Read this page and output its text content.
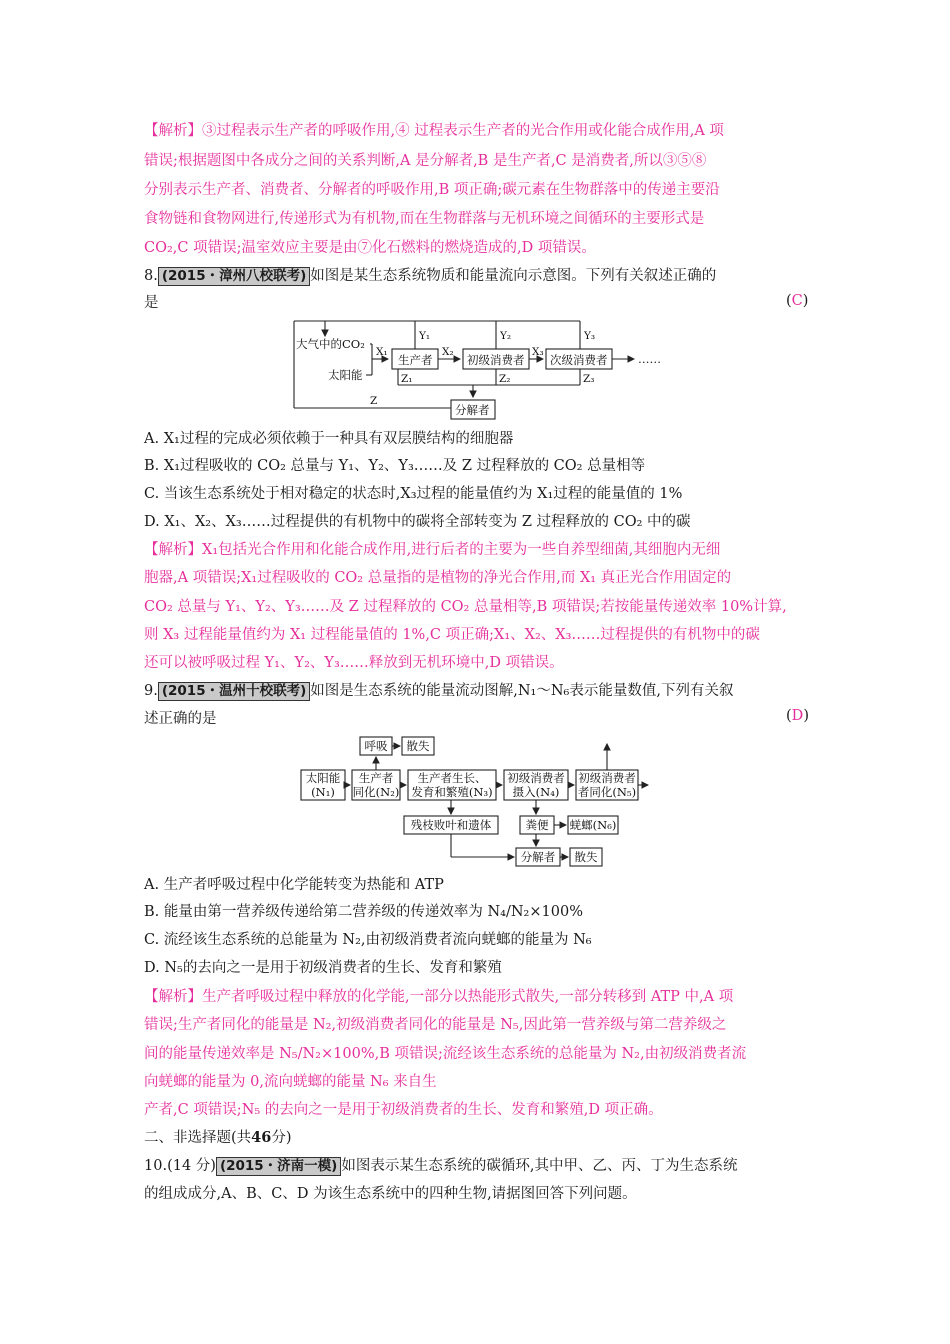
【解析】③过程表示生产者的呼吸作用,④ 过程表示生产者的光合作用或化能合成作用,A 项
错误;根据题图中各成分之间的关系判断,A 是分解者,B 是生产者,C 是消费者,所以③⑤⑧
分别表示生产者、消费者、分解者的呼吸作用,B 项正确;碳元素在生物群落中的传递主要沿
食物链和食物网进行,传递形式为有机物,而在生物群落与无机环境之间循环的主要形式是
CO₂,C 项错误;温室效应主要是由⑦化石燃料的燃烧造成的,D 项错误。
8. (2015・漳州八校联考) 如图是某生态系统物质和能量流向示意图。下列有关叙述正确的
是	(C)
大气中的CO₂
太阳能
X₁
生产者
X₂
初级消费者
X₃
次级消费者	……
Y₁	Y₂	Y₃
Z₁	Z₂	Z₃
Z
分解者
A. X₁过程的完成必须依赖于一种具有双层膜结构的细胞器
B. X₁过程吸收的 CO₂ 总量与 Y₁、Y₂、Y₃……及 Z 过程释放的 CO₂ 总量相等
C. 当该生态系统处于相对稳定的状态时,X₃过程的能量值约为 X₁过程的能量值的 1%
D. X₁、X₂、X₃……过程提供的有机物中的碳将全部转变为 Z 过程释放的 CO₂ 中的碳
【解析】X₁包括光合作用和化能合成作用,进行后者的主要为一些自养型细菌,其细胞内无细
胞器,A 项错误;X₁过程吸收的 CO₂ 总量指的是植物的净光合作用,而 X₁ 真正光合作用固定的
CO₂ 总量与 Y₁、Y₂、Y₃……及 Z 过程释放的 CO₂ 总量相等,B 项错误;若按能量传递效率 10%计算,
则 X₃ 过程能量值约为 X₁ 过程能量值的 1%,C 项正确;X₁、X₂、X₃……过程提供的有机物中的碳
还可以被呼吸过程 Y₁、Y₂、Y₃……释放到无机环境中,D 项错误。
9. (2015・温州十校联考) 如图是生态系统的能量流动图解,N₁～N₆表示能量数值,下列有关叙
述正确的是	(D)
呼吸 散失
太阳能
(N₁)
生产者
同化(N₂)
生产者生长、
发育和繁殖(N₃)
初级消费者
摄入(N₄)
初级消费者
者同化(N₅)
残枝败叶和遗体	粪便 蜣螂(N₆)
分解者 散失
A. 生产者呼吸过程中化学能转变为热能和 ATP
B. 能量由第一营养级传递给第二营养级的传递效率为 N₄/N₂×100%
C. 流经该生态系统的总能量为 N₂,由初级消费者流向蜣螂的能量为 N₆
D. N₅的去向之一是用于初级消费者的生长、发育和繁殖
【解析】生产者呼吸过程中释放的化学能,一部分以热能形式散失,一部分转移到 ATP 中,A 项
错误;生产者同化的能量是 N₂,初级消费者同化的能量是 N₅,因此第一营养级与第二营养级之
间的能量传递效率是 N₅/N₂×100%,B 项错误;流经该生态系统的总能量为 N₂,由初级消费者流
向蜣螂的能量为 0,流向蜣螂的能量 N₆ 来自生
产者,C 项错误;N₅ 的去向之一是用于初级消费者的生长、发育和繁殖,D 项正确。
二、非选择题(共46分)
10.(14 分) (2015・济南一模) 如图表示某生态系统的碳循环,其中甲、乙、丙、丁为生态系统
的组成成分,A、B、C、D 为该生态系统中的四种生物,请据图回答下列问题。
